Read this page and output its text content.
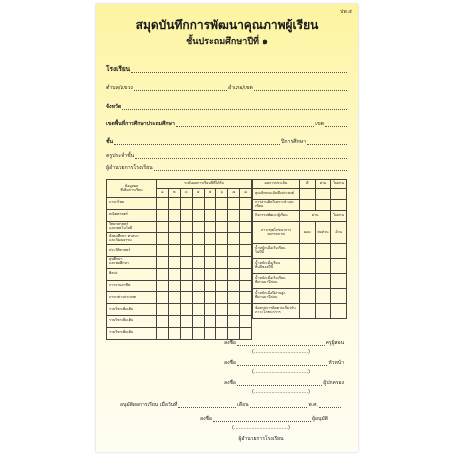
ปพ.๕
สมุดบันทึกการพัฒนาคุณภาพผู้เรียน
ชั้นประถมศึกษาปีที่ ๑
โรงเรียน
ตำบล/แขวง	อำเภอ/เขต
จังหวัด
เขตพื้นที่การศึกษาประถมศึกษา	เขต
ชั้น	ปีการศึกษา
ครูประจำชั้น
ผู้อำนวยการโรงเรียน
ข้อมูลผล
ที่เพิ่มการเรียน	ระดับผลการเรียนปีที่ได้รับ							
	๑	๒	๓	๔	๕	๖	๗	๘
ภาษาไทย								
คณิตศาสตร์								
วิทยาศาสตร์
และเทคโนโลยี								
สังคมศึกษา ศาสนา
และวัฒนธรรม								
ประวัติศาสตร์								
สุขศึกษา
และพลศึกษา								
ศิลปะ								
การงานอาชีพ								
ภาษาต่างประเทศ								
รายวิชาเพิ่มเติม								
รายวิชาเพิ่มเติม								
รายวิชาเพิ่มเติม								
ผลการประเมิน	ดี	ผ่าน	ไม่ผ่าน
คุณลักษณะอันพึงประสงค์			
การอ่านคิดวิเคราะห์ และเขียน			
กิจกรรมพัฒนาผู้เรียน	ผ่าน		ไม่ผ่าน
ภาวะทุพโภชนาการ
สมรรถภาพ	ผอม	สมส่วน	อ้วน
น้ำหนักเมื่อเริ่มเรียน
ในปีนี้			
น้ำหนักเมื่อเรียน
สิ้นปีของปีนี้			
น้ำหนักเมื่อเริ่มเรียน
ที่ผ่านมาปีก่อน			
น้ำหนักเมื่อปีผ่านสูง
ที่ผ่านมาปีก่อน			
ข้อสรุปการติดตามเกี่ยวกับ
ภาวะโภชนาการ			
ลงชื่อ	ครูผู้สอน
(..................................)
ลงชื่อ	หัวหน้า
(..................................)
ลงชื่อ	ผู้ปกครอง
(..................................)
อนุมัติผลการเรียน เมื่อวันที่	เดือน	พ.ศ.
ลงชื่อ	ผู้อนุมัติ
(..................................)
ผู้อำนวยการโรงเรียน
